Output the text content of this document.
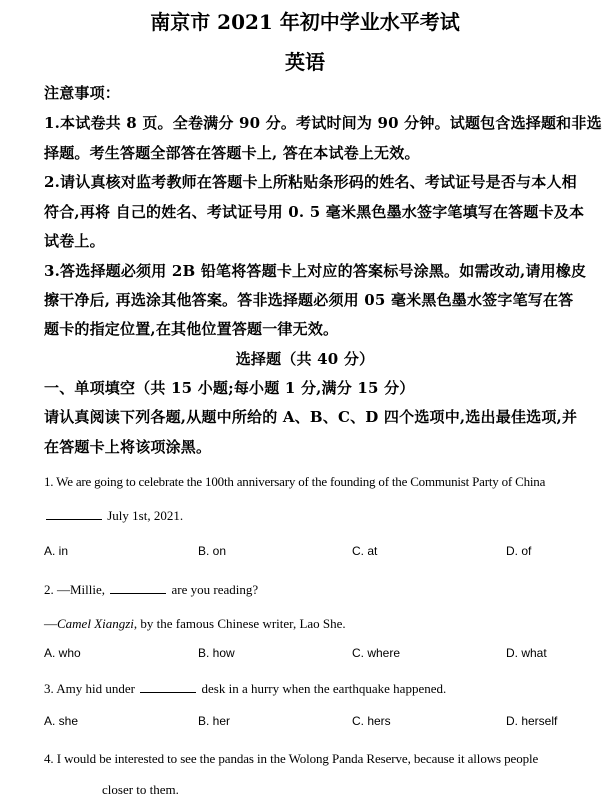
南京市 2021 年初中学业水平考试
英语
注意事项：
1.本试卷共 8 页。全卷满分 90 分。考试时间为 90 分钟。试题包含选择题和非选
择题。考生答题全部答在答题卡上, 答在本试卷上无效。
2.请认真核对监考教师在答题卡上所粘贴条形码的姓名、考试证号是否与本人相
符合,再将 自己的姓名、考试证号用 0. 5 毫米黑色墨水签字笔填写在答题卡及本
试卷上。
3.答选择题必须用 2B 铅笔将答题卡上对应的答案标号涂黑。如需改动,请用橡皮
擦干净后, 再选涂其他答案。答非选择题必须用 05 毫米黑色墨水签字笔写在答
题卡的指定位置,在其他位置答题一律无效。
选择题（共 40 分）
一、单项填空（共 15 小题;每小题 1 分,满分 15 分）
请认真阅读下列各题,从题中所给的 A、B、C、D 四个选项中,选出最佳选项,并
在答题卡上将该项涂黑。
1. We are going to celebrate the 100th anniversary of the founding of the Communist Party of China
July 1st, 2021.
A. in	B. on	C. at	D. of
2. —Millie,	are you reading?
—Camel Xiangzi, by the famous Chinese writer, Lao She.
A. who	B. how	C. where	D. what
3. Amy hid under	desk in a hurry when the earthquake happened.
A. she	B. her	C. hers	D. herself
4. I would be interested to see the pandas in the Wolong Panda Reserve, because it allows people
closer to them.
